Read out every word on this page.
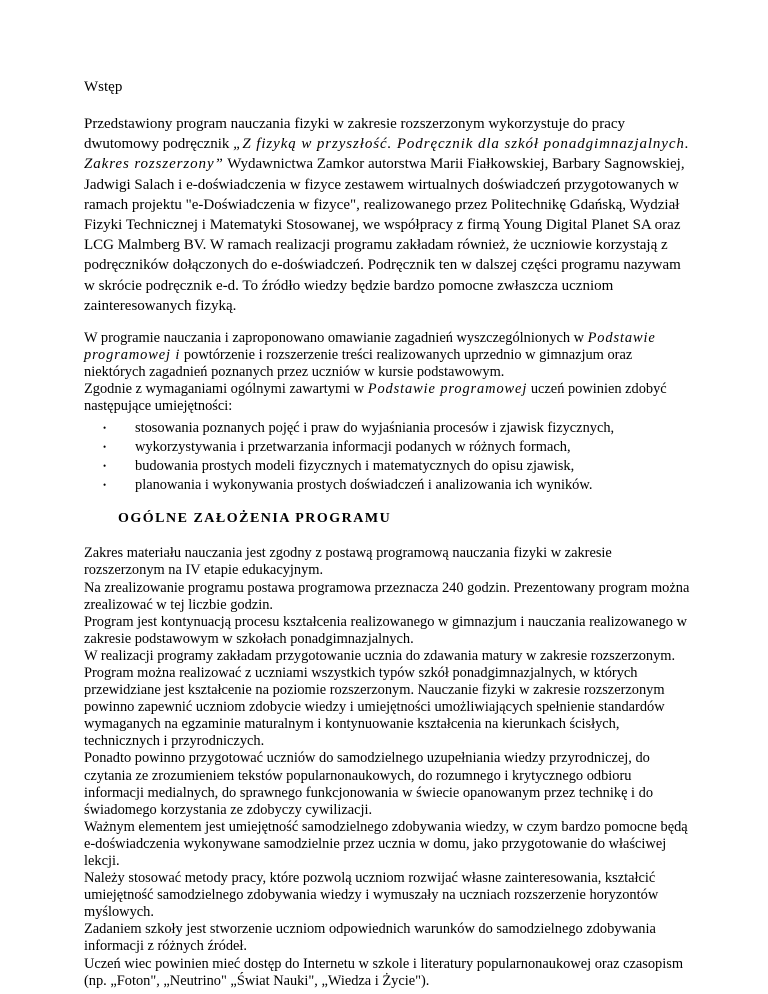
Wstęp

Przedstawiony program nauczania fizyki w zakresie rozszerzonym wykorzystuje do pracy dwutomowy podręcznik „Z fizyką w przyszłość. Podręcznik dla szkół ponadgimnazjalnych. Zakres rozszerzony” Wydawnictwa Zamkor autorstwa Marii Fiałkowskiej, Barbary Sagnowskiej, Jadwigi Salach i e-doświadczenia w fizyce zestawem wirtualnych doświadczeń przygotowanych w ramach projektu "e-Doświadczenia w fizyce", realizowanego przez Politechnikę Gdańską, Wydział Fizyki Technicznej i Matematyki Stosowanej, we współpracy z firmą Young Digital Planet SA oraz LCG Malmberg BV. W ramach realizacji programu zakładam również, że uczniowie korzystają z podręczników dołączonych do e-doświadczeń. Podręcznik ten w dalszej części programu nazywam w skrócie podręcznik e-d. To źródło wiedzy będzie bardzo pomocne zwłaszcza uczniom zainteresowanych fizyką.

W programie nauczania i zaproponowano omawianie zagadnień wyszczególnionych w Podstawie programowej i powtórzenie i rozszerzenie treści realizowanych uprzednio w gimnazjum oraz niektórych zagadnień poznanych przez uczniów w kursie podstawowym.
Zgodnie z wymaganiami ogólnymi zawartymi w Podstawie programowej uczeń powinien zdobyć następujące umiejętności:

• stosowania poznanych pojęć i praw do wyjaśniania procesów i zjawisk fizycznych,
• wykorzystywania i przetwarzania informacji podanych w różnych formach,
• budowania prostych modeli fizycznych i matematycznych do opisu zjawisk,
• planowania i wykonywania prostych doświadczeń i analizowania ich wyników.
OGÓLNE ZAŁOŻENIA PROGRAMU

Zakres materiału nauczania jest zgodny z postawą programową nauczania fizyki w zakresie rozszerzonym na IV etapie edukacyjnym.
Na zrealizowanie programu postawa programowa przeznacza 240 godzin. Prezentowany program można zrealizować w tej liczbie godzin.
Program jest kontynuacją procesu kształcenia realizowanego w gimnazjum i nauczania realizowanego w zakresie podstawowym w szkołach ponadgimnazjalnych.
W realizacji programy zakładam przygotowanie ucznia do zdawania matury w zakresie rozszerzonym. Program można realizować z uczniami wszystkich typów szkół ponadgimnazjalnych, w których przewidziane jest kształcenie na poziomie rozszerzonym. Nauczanie fizyki w zakresie rozszerzonym powinno zapewnić uczniom zdobycie wiedzy i umiejętności umożliwiających spełnienie standardów wymaganych na egzaminie maturalnym i kontynuowanie kształcenia na kierunkach ścisłych, technicznych i przyrodniczych.
Ponadto powinno przygotować uczniów do samodzielnego uzupełniania wiedzy przyrodniczej, do czytania ze zrozumieniem tekstów popularnonaukowych, do rozumnego i krytycznego odbioru informacji medialnych, do sprawnego funkcjonowania w świecie opanowanym przez technikę i do świadomego korzystania ze zdobyczy cywilizacji.
Ważnym elementem jest umiejętność samodzielnego zdobywania wiedzy, w czym bardzo pomocne będą e-doświadczenia wykonywane samodzielnie przez ucznia w domu, jako przygotowanie do właściwej lekcji.
Należy stosować metody pracy, które pozwolą uczniom rozwijać własne zainteresowania, kształcić umiejętność samodzielnego zdobywania wiedzy i wymuszały na uczniach rozszerzenie horyzontów myślowych.
Zadaniem szkoły jest stworzenie uczniom odpowiednich warunków do samodzielnego zdobywania informacji z różnych źródeł.
Uczeń wiec powinien mieć dostęp do Internetu w szkole i literatury popularnonaukowej oraz czasopism (np. „Foton", „Neutrino" „Świat Nauki", „Wiedza i Życie").
